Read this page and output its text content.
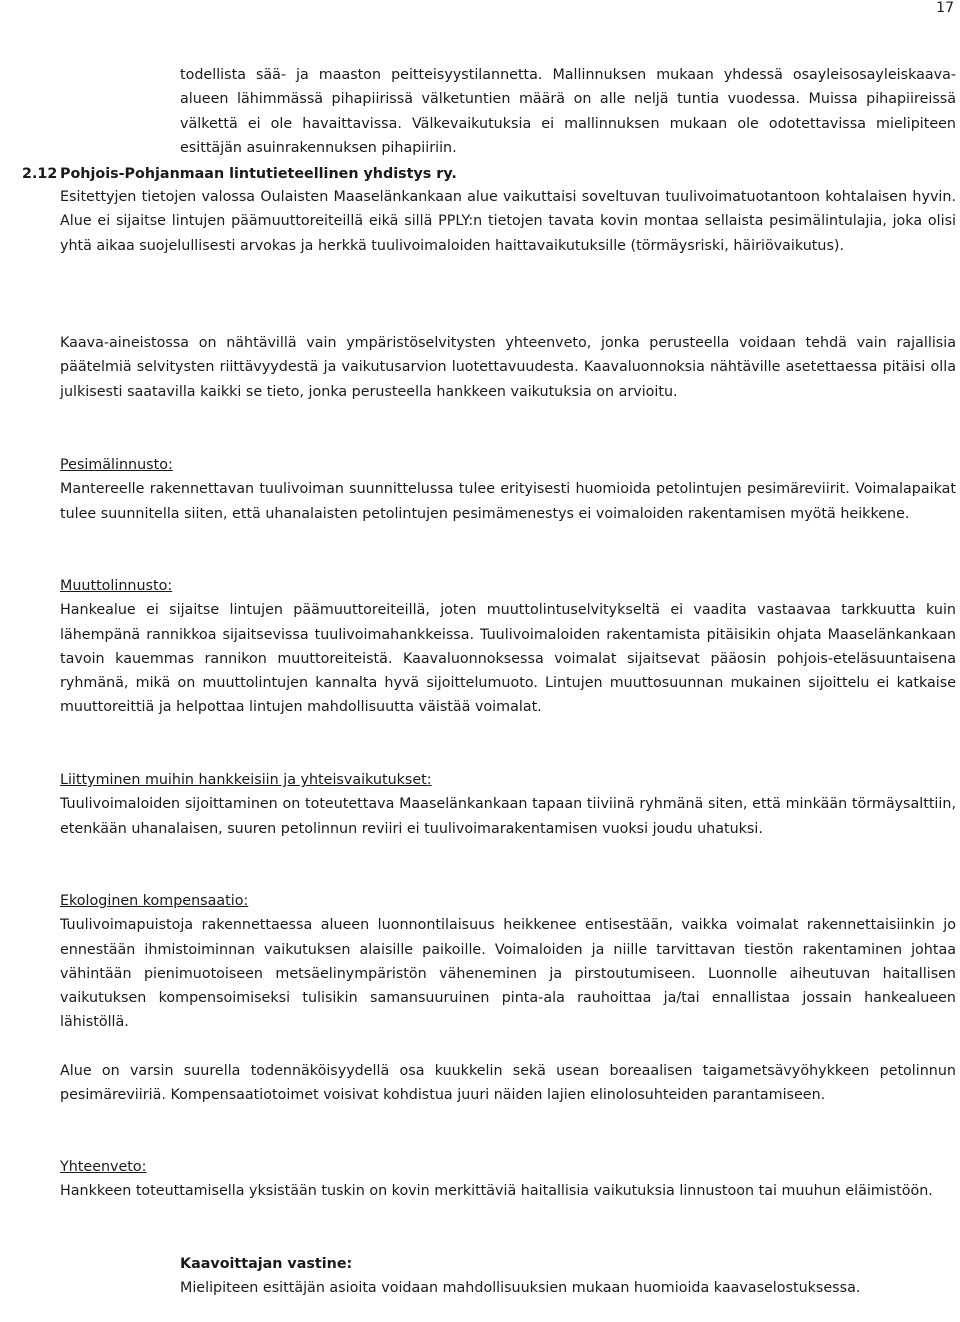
17

todellista sää- ja maaston peitteisyystilannetta. Mallinnuksen mukaan yhdessä osayleisosayleiskaava-alueen lähimmässä pihapiirissä välketuntien määrä on alle neljä tuntia vuodessa. Muissa pihapiireissä välkettä ei ole havaittavissa. Välkevaikutuksia ei mallinnuksen mukaan ole odotettavissa mielipiteen esittäjän asuinrakennuksen pihapiiriin.

2.12 Pohjois-Pohjanmaan lintutieteellinen yhdistys ry.

Esitettyjen tietojen valossa Oulaisten Maaselänkankaan alue vaikuttaisi soveltuvan tuulivoimatuotantoon kohtalaisen hyvin. Alue ei sijaitse lintujen päämuuttoreiteillä eikä sillä PPLY:n tietojen tavata kovin montaa sellaista pesimälintulajia, joka olisi yhtä aikaa suojelullisesti arvokas ja herkkä tuulivoimaloiden haittavaikutuksille (törmäysriski, häiriövaikutus).

Kaava-aineistossa on nähtävillä vain ympäristöselvitysten yhteenveto, jonka perusteella voidaan tehdä vain rajallisia päätelmiä selvitysten riittävyydestä ja vaikutusarvion luotettavuudesta. Kaavaluonnoksia nähtäville asetettaessa pitäisi olla julkisesti saatavilla kaikki se tieto, jonka perusteella hankkeen vaikutuksia on arvioitu.

Pesimälinnusto:
Mantereelle rakennettavan tuulivoiman suunnittelussa tulee erityisesti huomioida petolintujen pesimäreviirit. Voimalapaikat tulee suunnitella siiten, että uhanalaisten petolintujen pesimämenestys ei voimaloiden rakentamisen myötä heikkene.
Muuttolinnusto:
Hankealue ei sijaitse lintujen päämuuttoreiteillä, joten muuttolintuselvitykseltä ei vaadita vastaavaa tarkkuutta kuin lähempänä rannikkoa sijaitsevissa tuulivoimahankkeissa. Tuulivoimaloiden rakentamista pitäisikin ohjata Maaselänkankaan tavoin kauemmas rannikon muuttoreiteistä. Kaavaluonnoksessa voimalat sijaitsevat pääosin pohjois-eteläsuuntaisena ryhmänä, mikä on muuttolintujen kannalta hyvä sijoittelumuoto. Lintujen muuttosuunnan mukainen sijoittelu ei katkaise muuttoreittiä ja helpottaa lintujen mahdollisuutta väistää voimalat.
Liittyminen muihin hankkeisiin ja yhteisvaikutukset:
Tuulivoimaloiden sijoittaminen on toteutettava Maaselänkankaan tapaan tiiviinä ryhmänä siten, että minkään törmäysalttiin, etenkään uhanalaisen, suuren petolinnun reviiri ei tuulivoimarakentamisen vuoksi joudu uhatuksi.
Ekologinen kompensaatio:
Tuulivoimapuistoja rakennettaessa alueen luonnontilaisuus heikkenee entisestään, vaikka voimalat rakennettaisiinkin jo ennestään ihmistoiminnan vaikutuksen alaisille paikoille. Voimaloiden ja niille tarvittavan tiestön rakentaminen johtaa vähintään pienimuotoiseen metsäelinympäristön väheneminen ja pirstoutumiseen. Luonnolle aiheutuvan haitallisen vaikutuksen kompensoimiseksi tulisikin samansuuruinen pinta-ala rauhoittaa ja/tai ennallistaa jossain hankealueen lähistöllä.

Alue on varsin suurella todennäköisyydellä osa kuukkelin sekä usean boreaalisen taigametsävyöhykkeen petolinnun pesimäreviiriä. Kompensaatiotoimet voisivat kohdistua juuri näiden lajien elinolosuhteiden parantamiseen.

Yhteenveto:
Hankkeen toteuttamisella yksistään tuskin on kovin merkittäviä haitallisia vaikutuksia linnustoon tai muuhun eläimistöön.
Kaavoittajan vastine:
Mielipiteen esittäjän asioita voidaan mahdollisuuksien mukaan huomioida kaavaselostuksessa.
